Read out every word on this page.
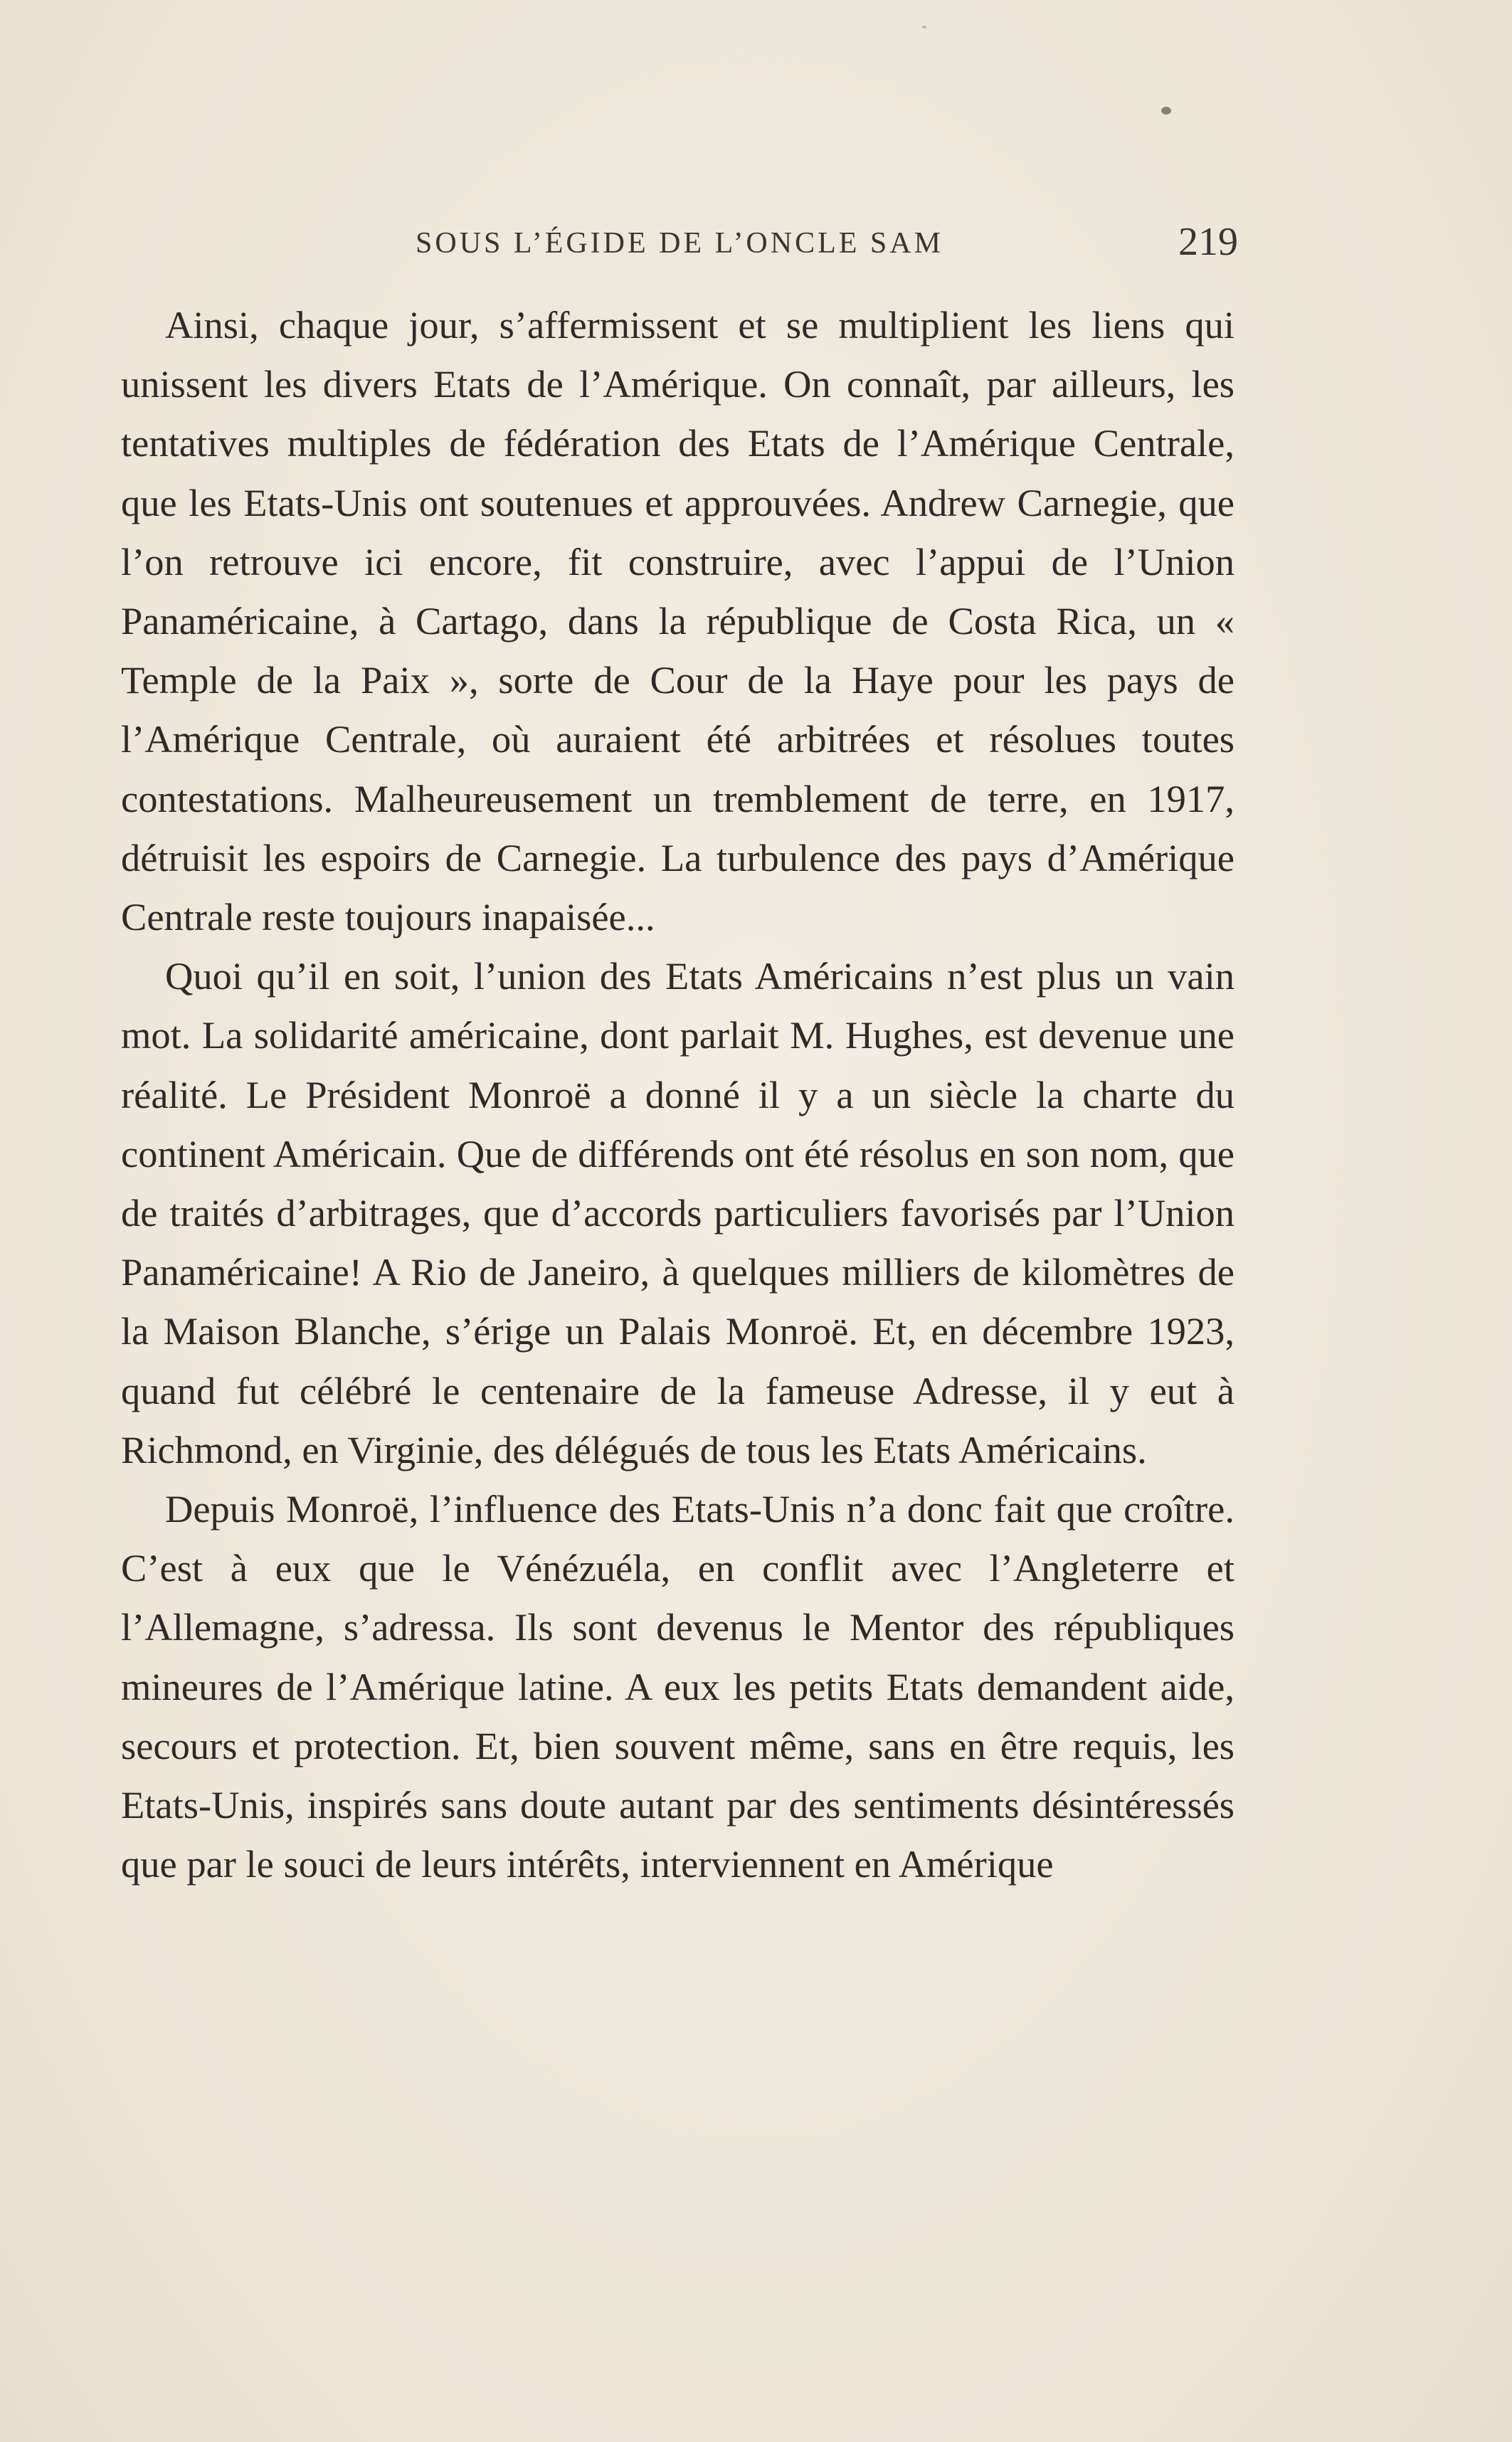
SOUS L’ÉGIDE DE L’ONCLE SAM	219

Ainsi, chaque jour, s’affermissent et se multiplient les liens qui unissent les divers Etats de l’Amérique. On connaît, par ailleurs, les tentatives multiples de fédération des Etats de l’Amérique Centrale, que les Etats-Unis ont soutenues et approuvées. Andrew Carnegie, que l’on retrouve ici encore, fit construire, avec l’appui de l’Union Panaméricaine, à Cartago, dans la république de Costa Rica, un « Temple de la Paix », sorte de Cour de la Haye pour les pays de l’Amérique Centrale, où auraient été arbitrées et résolues toutes contestations. Malheureusement un tremblement de terre, en 1917, détruisit les espoirs de Carnegie. La turbulence des pays d’Amérique Centrale reste toujours inapaisée...

Quoi qu’il en soit, l’union des Etats Américains n’est plus un vain mot. La solidarité américaine, dont parlait M. Hughes, est devenue une réalité. Le Président Monroë a donné il y a un siècle la charte du continent Américain. Que de différends ont été résolus en son nom, que de traités d’arbitrages, que d’accords particuliers favorisés par l’Union Panaméricaine! A Rio de Janeiro, à quelques milliers de kilomètres de la Maison Blanche, s’érige un Palais Monroë. Et, en décembre 1923, quand fut célébré le centenaire de la fameuse Adresse, il y eut à Richmond, en Virginie, des délégués de tous les Etats Américains.

Depuis Monroë, l’influence des Etats-Unis n’a donc fait que croître. C’est à eux que le Vénézuéla, en conflit avec l’Angleterre et l’Allemagne, s’adressa. Ils sont devenus le Mentor des républiques mineures de l’Amérique latine. A eux les petits Etats demandent aide, secours et protection. Et, bien souvent même, sans en être requis, les Etats-Unis, inspirés sans doute autant par des sentiments désintéressés que par le souci de leurs intérêts, interviennent en Amérique
